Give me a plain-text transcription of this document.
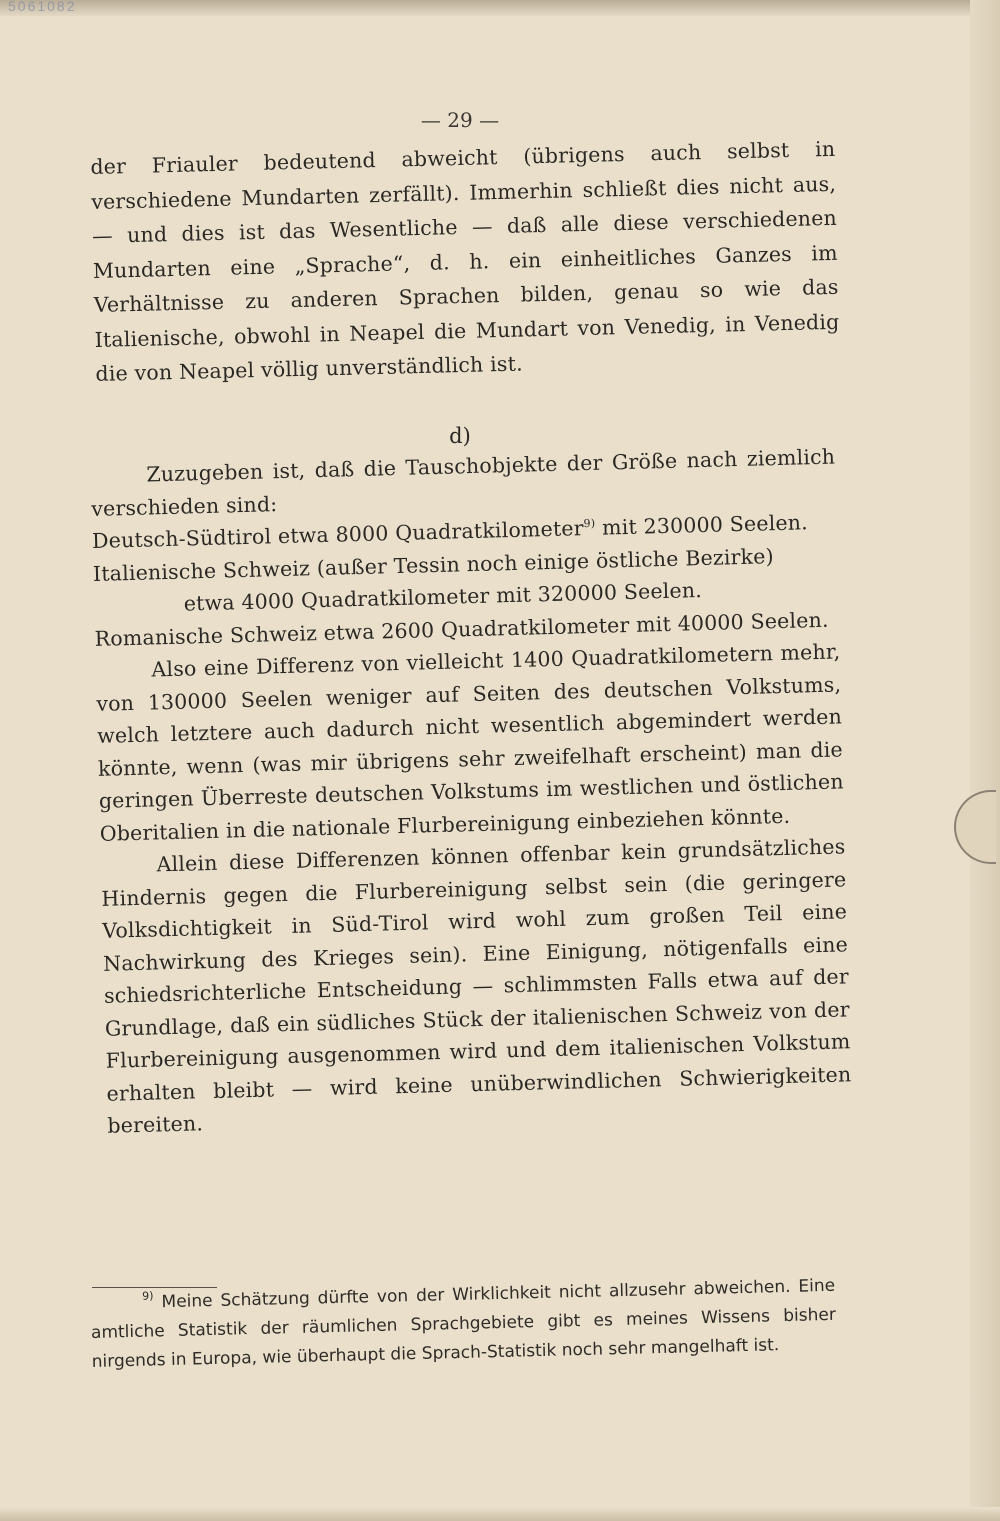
5061082
— 29 —

der Friauler bedeutend abweicht (übrigens auch selbst in verschiedene Mundarten zerfällt). Immerhin schließt dies nicht aus, — und dies ist das Wesentliche — daß alle diese verschiedenen Mundarten eine „Sprache“, d. h. ein einheitliches Ganzes im Verhältnisse zu anderen Sprachen bilden, genau so wie das Italienische, obwohl in Neapel die Mundart von Venedig, in Venedig die von Neapel völlig unverständlich ist.

d)

Zuzugeben ist, daß die Tauschobjekte der Größe nach ziemlich verschieden sind:

Deutsch-Südtirol etwa 8000 Quadratkilometer$^{9)}$ mit 230000 Seelen.

Italienische Schweiz (außer Tessin noch einige östliche Bezirke)

etwa 4000 Quadratkilometer mit 320000 Seelen.

Romanische Schweiz etwa 2600 Quadratkilometer mit 40000 Seelen.

Also eine Differenz von vielleicht 1400 Quadratkilometern mehr, von 130000 Seelen weniger auf Seiten des deutschen Volkstums, welch letztere auch dadurch nicht wesentlich abgemindert werden könnte, wenn (was mir übrigens sehr zweifelhaft erscheint) man die geringen Überreste deutschen Volkstums im westlichen und östlichen Oberitalien in die nationale Flurbereinigung einbeziehen könnte.

Allein diese Differenzen können offenbar kein grundsätzliches Hindernis gegen die Flurbereinigung selbst sein (die geringere Volksdichtigkeit in Süd-Tirol wird wohl zum großen Teil eine Nachwirkung des Krieges sein). Eine Einigung, nötigenfalls eine schiedsrichterliche Entscheidung — schlimmsten Falls etwa auf der Grundlage, daß ein südliches Stück der italienischen Schweiz von der Flurbereinigung ausgenommen wird und dem italienischen Volkstum erhalten bleibt — wird keine unüberwindlichen Schwierigkeiten bereiten.

$^{9)}$ Meine Schätzung dürfte von der Wirklichkeit nicht allzusehr abweichen. Eine amtliche Statistik der räumlichen Sprachgebiete gibt es meines Wissens bisher nirgends in Europa, wie überhaupt die Sprach-Statistik noch sehr mangelhaft ist.
